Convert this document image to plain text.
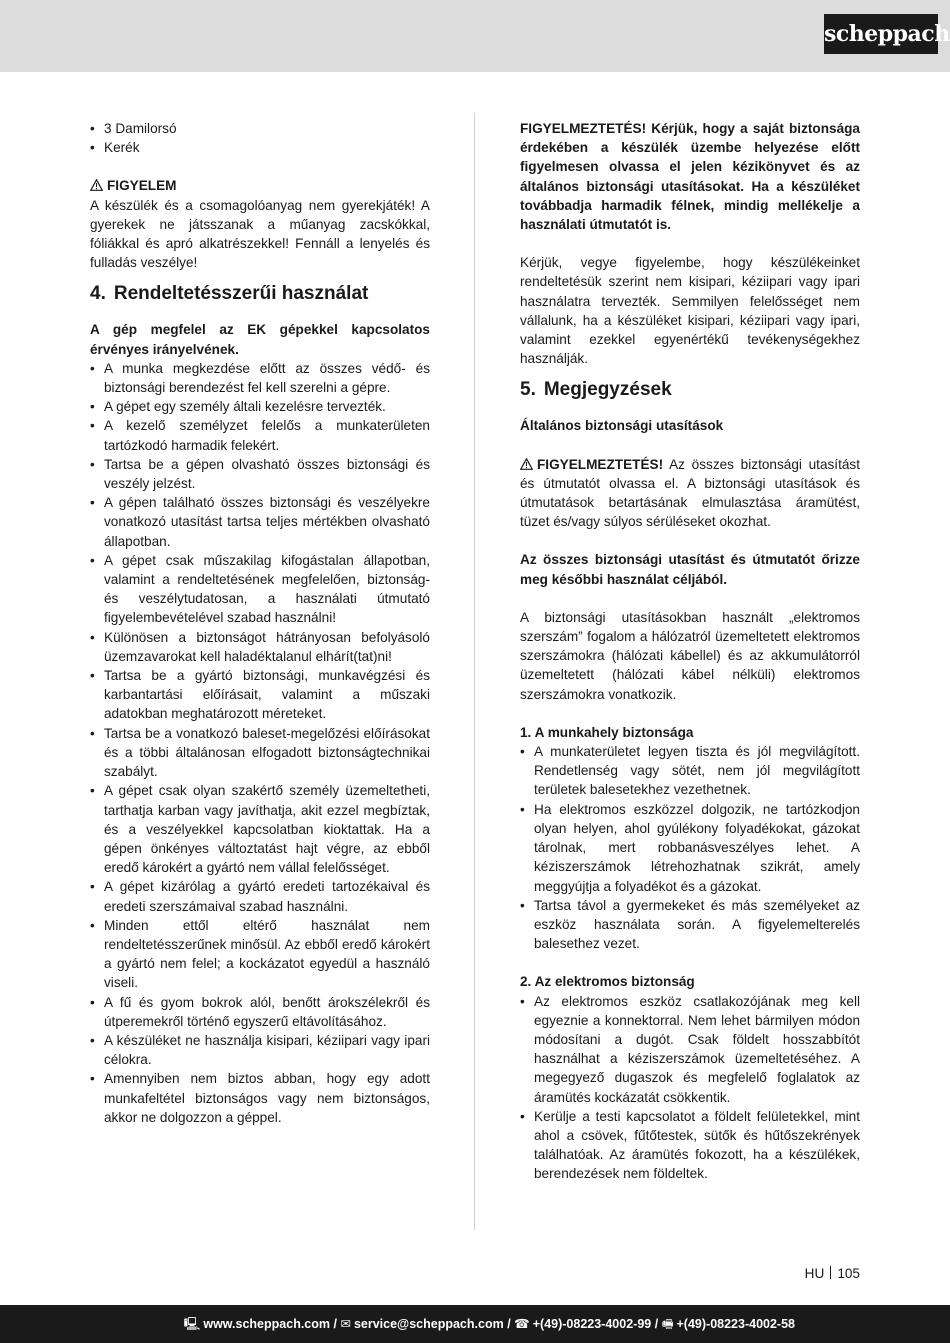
scheppach
• 3 Damilorsó
• Kerék
FIGYELEM
A készülék és a csomagolóanyag nem gyerekjáték! A gyerekek ne játsszanak a műanyag zacskókkal, fóliákkal és apró alkatrészekkel! Fennáll a lenyelés és fulladás veszélye!
4. Rendeltetésszerűi használat
A gép megfelel az EK gépekkel kapcsolatos érvényes irányelvének.
• A munka megkezdése előtt az összes védő- és biztonsági berendezést fel kell szerelni a gépre.
• A gépet egy személy általi kezelésre tervezték.
• A kezelő személyzet felelős a munkaterületen tartózkodó harmadik felekért.
• Tartsa be a gépen olvasható összes biztonsági és veszély jelzést.
• A gépen található összes biztonsági és veszélyekre vonatkozó utasítást tartsa teljes mértékben olvasható állapotban.
• A gépet csak műszakilag kifogástalan állapotban, valamint a rendeltetésének megfelelően, biztonság- és veszélytudatosan, a használati útmutató figyelembevételével szabad használni!
• Különösen a biztonságot hátrányosan befolyásoló üzemzavarokat kell haladéktalanul elhárít(tat)ni!
• Tartsa be a gyártó biztonsági, munkavégzési és karbantartási előírásait, valamint a műszaki adatokban meghatározott méreteket.
• Tartsa be a vonatkozó baleset-megelőzési előírásokat és a többi általánosan elfogadott biztonságtechnikai szabályt.
• A gépet csak olyan szakértő személy üzemeltetheti, tarthatja karban vagy javíthatja, akit ezzel megbíztak, és a veszélyekkel kapcsolatban kioktattak. Ha a gépen önkényes változtatást hajt végre, az ebből eredő károkért a gyártó nem vállal felelősséget.
• A gépet kizárólag a gyártó eredeti tartozékaival és eredeti szerszámaival szabad használni.
• Minden ettől eltérő használat nem rendeltetésszerűnek minősül. Az ebből eredő károkért a gyártó nem felel; a kockázatot egyedül a használó viseli.
• A fű és gyom bokrok alól, benőtt árokszélekről és útperemekről történő egyszerű eltávolításához.
• A készüléket ne használja kisipari, kéziipari vagy ipari célokra.
• Amennyiben nem biztos abban, hogy egy adott munkafeltétel biztonságos vagy nem biztonságos, akkor ne dolgozzon a géppel.
FIGYELMEZTETÉS! Kérjük, hogy a saját biztonsága érdekében a készülék üzembe helyezése előtt figyelmesen olvassa el jelen kézikönyvet és az általános biztonsági utasításokat. Ha a készüléket továbbadja harmadik félnek, mindig mellékelje a használati útmutatót is.
Kérjük, vegye figyelembe, hogy készülékeinket rendeltetésük szerint nem kisipari, kéziipari vagy ipari használatra tervezték. Semmilyen felelősséget nem vállalunk, ha a készüléket kisipari, kéziipari vagy ipari, valamint ezekkel egyenértékű tevékenységekhez használják.
5. Megjegyzések
Általános biztonsági utasítások
FIGYELMEZTETÉS! Az összes biztonsági utasítást és útmutatót olvassa el. A biztonsági utasítások és útmutatások betartásának elmulasztása áramütést, tüzet és/vagy súlyos sérüléseket okozhat.
Az összes biztonsági utasítást és útmutatót őrizze meg későbbi használat céljából.
A biztonsági utasításokban használt „elektromos szerszám” fogalom a hálózatról üzemeltetett elektromos szerszámokra (hálózati kábellel) és az akkumulátorról üzemeltetett (hálózati kábel nélküli) elektromos szerszámokra vonatkozik.
1. A munkahely biztonsága
• A munkaterületet legyen tiszta és jól megvilágított. Rendetlenség vagy sötét, nem jól megvilágított területek balesetekhez vezethetnek.
• Ha elektromos eszközzel dolgozik, ne tartózkodjon olyan helyen, ahol gyúlékony folyadékokat, gázokat tárolnak, mert robbanásveszélyes lehet. A kéziszerszámok létrehozhatnak szikrát, amely meggyújtja a folyadékot és a gázokat.
• Tartsa távol a gyermekeket és más személyeket az eszköz használata során. A figyelemelterelés balesethez vezet.
2. Az elektromos biztonság
• Az elektromos eszköz csatlakozójának meg kell egyeznie a konnektorral. Nem lehet bármilyen módon módosítani a dugót. Csak földelt hosszabbítót használhat a kéziszerszámok üzemeltetéséhez. A megegyező dugaszok és megfelelő foglalatok az áramütés kockázatát csökkentik.
• Kerülje a testi kapcsolatot a földelt felületekkel, mint ahol a csövek, fűtőtestek, sütők és hűtőszekrények találhatóak. Az áramütés fokozott, ha a készülékek, berendezések nem földeltek.
HU 105
🖳 www.scheppach.com / ✉ service@scheppach.com / ☎ +(49)-08223-4002-99 / 🖷 +(49)-08223-4002-58
